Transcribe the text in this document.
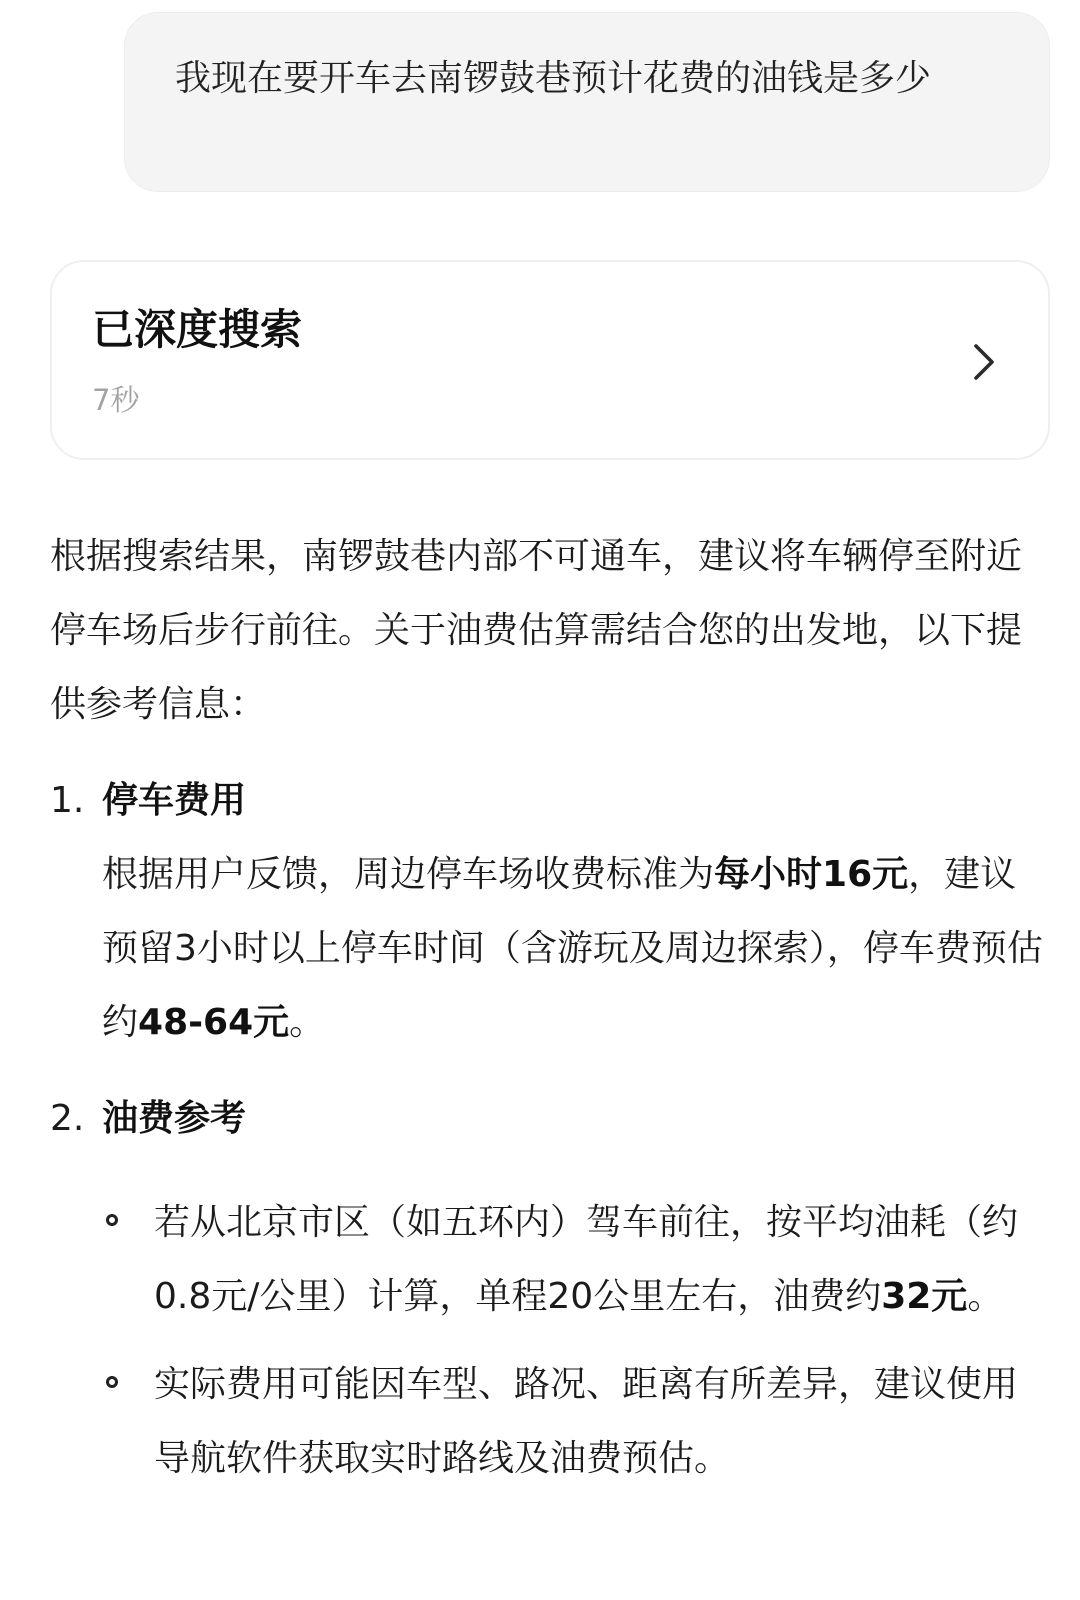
我现在要开车去南锣鼓巷预计花费的油钱是多少
已深度搜索
7秒

根据搜索结果，南锣鼓巷内部不可通车，建议将车辆停至附近停车场后步行前往。关于油费估算需结合您的出发地，以下提供参考信息：

1. 停车费用
根据用户反馈，周边停车场收费标准为每小时16元，建议预留3小时以上停车时间（含游玩及周边探索），停车费预估约48-64元。
2. 油费参考
若从北京市区（如五环内）驾车前往，按平均油耗（约0.8元/公里）计算，单程20公里左右，油费约32元。
实际费用可能因车型、路况、距离有所差异，建议使用导航软件获取实时路线及油费预估。
